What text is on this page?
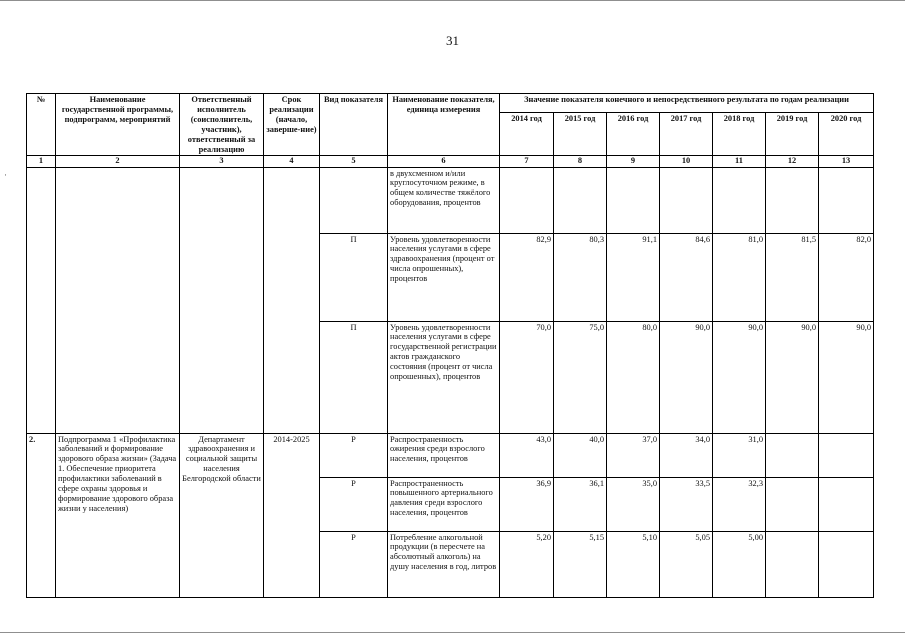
31
·
№	Наименование государственной программы, подпрограмм, мероприятий	Ответственный исполнитель (соисполнитель, участник), ответственный за реализацию	Срок реализации (начало, заверше-ние)	Вид показателя	Наименование показателя, единица измерения	Значение показателя конечного и непосредственного результата по годам реализации						
						2014 год	2015 год	2016 год	2017 год	2018 год	2019 год	2020 год
1	2	3	4	5	6	7	8	9	10	11	12	13
					в двухсменном и/или круглосуточном режиме, в общем количестве тяжёлого оборудования, процентов							
				П	Уровень удовлетворенности населения услугами в сфере здравоохранения (процент от числа опрошенных), процентов	82,9	80,3	91,1	84,6	81,0	81,5	82,0
				П	Уровень удовлетворенности населения услугами в сфере государственной регистрации актов гражданского состояния (процент от числа опрошенных), процентов	70,0	75,0	80,0	90,0	90,0	90,0	90,0
2.	Подпрограмма 1 «Профилактика заболеваний и формирование здорового образа жизни» (Задача 1. Обеспечение приоритета профилактики заболеваний в сфере охраны здоровья и формирование здорового образа жизни у населения)	Департамент здравоохранения и социальной защиты населения Белгородской области	2014-2025	Р	Распространенность ожирения среди взрослого населения, процентов	43,0	40,0	37,0	34,0	31,0		
				Р	Распространенность повышенного артериального давления среди взрослого населения, процентов	36,9	36,1	35,0	33,5	32,3		
				Р	Потребление алкогольной продукции (в пересчете на абсолютный алкоголь) на душу населения в год, литров	5,20	5,15	5,10	5,05	5,00		
